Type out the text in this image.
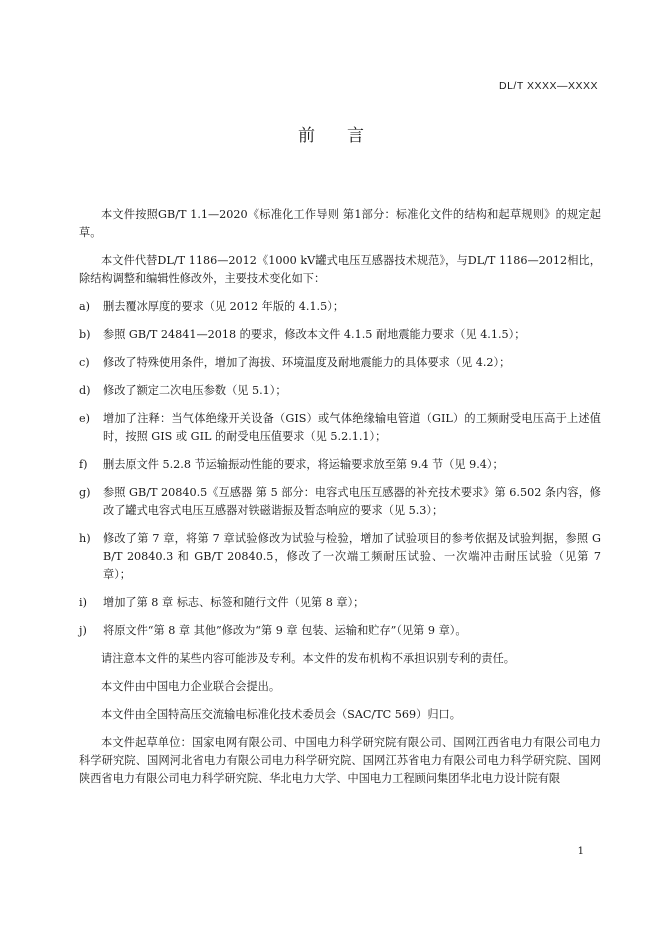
DL/T XXXX—XXXX
前言

本文件按照GB/T 1.1—2020《标准化工作导则 第1部分：标准化文件的结构和起草规则》的规定起草。

本文件代替DL/T 1186—2012《1000 kV罐式电压互感器技术规范》，与DL/T 1186—2012相比，除结构调整和编辑性修改外，主要技术变化如下：

a)	删去覆冰厚度的要求（见 2012 年版的 4.1.5）；
b)	参照 GB/T 24841—2018 的要求，修改本文件 4.1.5 耐地震能力要求（见 4.1.5）；
c)	修改了特殊使用条件，增加了海拔、环境温度及耐地震能力的具体要求（见 4.2）；
d)	修改了额定二次电压参数（见 5.1）；
e)	增加了注释：当气体绝缘开关设备（GIS）或气体绝缘输电管道（GIL）的工频耐受电压高于上述值时，按照 GIS 或 GIL 的耐受电压值要求（见 5.2.1.1）；
f)	删去原文件 5.2.8 节运输振动性能的要求，将运输要求放至第 9.4 节（见 9.4）；
g)	参照 GB/T 20840.5《互感器 第 5 部分：电容式电压互感器的补充技术要求》第 6.502 条内容，修改了罐式电容式电压互感器对铁磁谐振及暂态响应的要求（见 5.3）；
h)	修改了第 7 章，将第 7 章试验修改为试验与检验，增加了试验项目的参考依据及试验判据，参照 GB/T 20840.3 和 GB/T 20840.5，修改了一次端工频耐压试验、一次端冲击耐压试验（见第 7 章）；
i)	增加了第 8 章 标志、标签和随行文件（见第 8 章）；
j)	将原文件“第 8 章 其他”修改为“第 9 章 包装、运输和贮存”（见第 9 章）。

请注意本文件的某些内容可能涉及专利。本文件的发布机构不承担识别专利的责任。

本文件由中国电力企业联合会提出。

本文件由全国特高压交流输电标准化技术委员会（SAC/TC 569）归口。

本文件起草单位：国家电网有限公司、中国电力科学研究院有限公司、国网江西省电力有限公司电力科学研究院、国网河北省电力有限公司电力科学研究院、国网江苏省电力有限公司电力科学研究院、国网陕西省电力有限公司电力科学研究院、华北电力大学、中国电力工程顾问集团华北电力设计院有限

1
